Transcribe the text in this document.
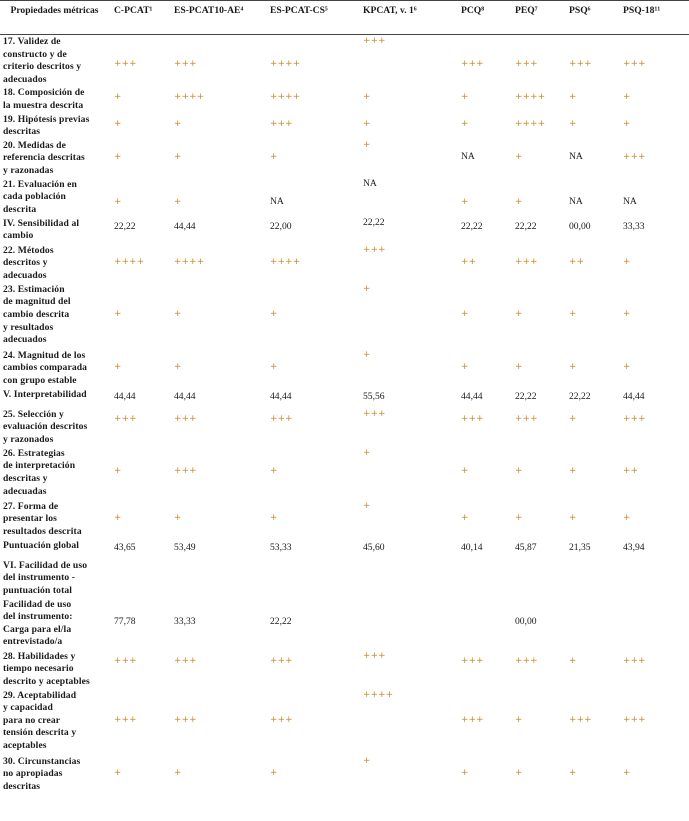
Propiedades métricas	C-PCAT¹	ES-PCAT10-AE⁴	ES-PCAT-CS⁵	KPCAT, v. 1⁶	PCQ⁸	PEQ⁷	PSQ⁶	PSQ-18¹¹
17. Validez de
constructo y de
criterio descritos y
adecuados	+++	+++	++++	+++	+++	+++	+++	+++
18. Composición de
la muestra descrita	+	++++	++++	+	+	++++	+	+
19. Hipótesis previas
descritas	+	+	+++	+	+	++++	+	+
20. Medidas de
referencia descritas
y razonadas	+	+	+	+	NA	+	NA	+++
21. Evaluación en
cada población
descrita	+	+	NA	NA	+	+	NA	NA
IV. Sensibilidad al
cambio	22,22	44,44	22,00	22,22	22,22	22,22	00,00	33,33
22. Métodos
descritos y
adecuados	++++	++++	++++	+++	++	+++	++	+
23. Estimación
de magnitud del
cambio descrita
y resultados
adecuados	+	+	+	+	+	+	+	+
24. Magnitud de los
cambios comparada
con grupo estable	+	+	+	+	+	+	+	+
V. Interpretabilidad	44,44	44,44	44,44	55,56	44,44	22,22	22,22	44,44
25. Selección y
evaluación descritos
y razonados	+++	+++	+++	+++	+++	+++	+	+++
26. Estrategias
de interpretación
descritas y
adecuadas	+	+++	+	+	+	+	+	++
27. Forma de
presentar los
resultados descrita	+	+	+	+	+	+	+	+
Puntuación global	43,65	53,49	53,33	45,60	40,14	45,87	21,35	43,94
VI. Facilidad de uso
del instrumento -
puntuación total								
Facilidad de uso
del instrumento:
Carga para el/la
entrevistado/a	77,78	33,33	22,22			00,00		
28. Habilidades y
tiempo necesario
descrito y aceptables	+++	+++	+++	+++	+++	+++	+	+++
29. Aceptabilidad
y capacidad
para no crear
tensión descrita y
aceptables	+++	+++	+++	++++	+++	+	+++	+++
30. Circunstancias
no apropiadas
descritas	+	+	+	+	+	+	+	+
